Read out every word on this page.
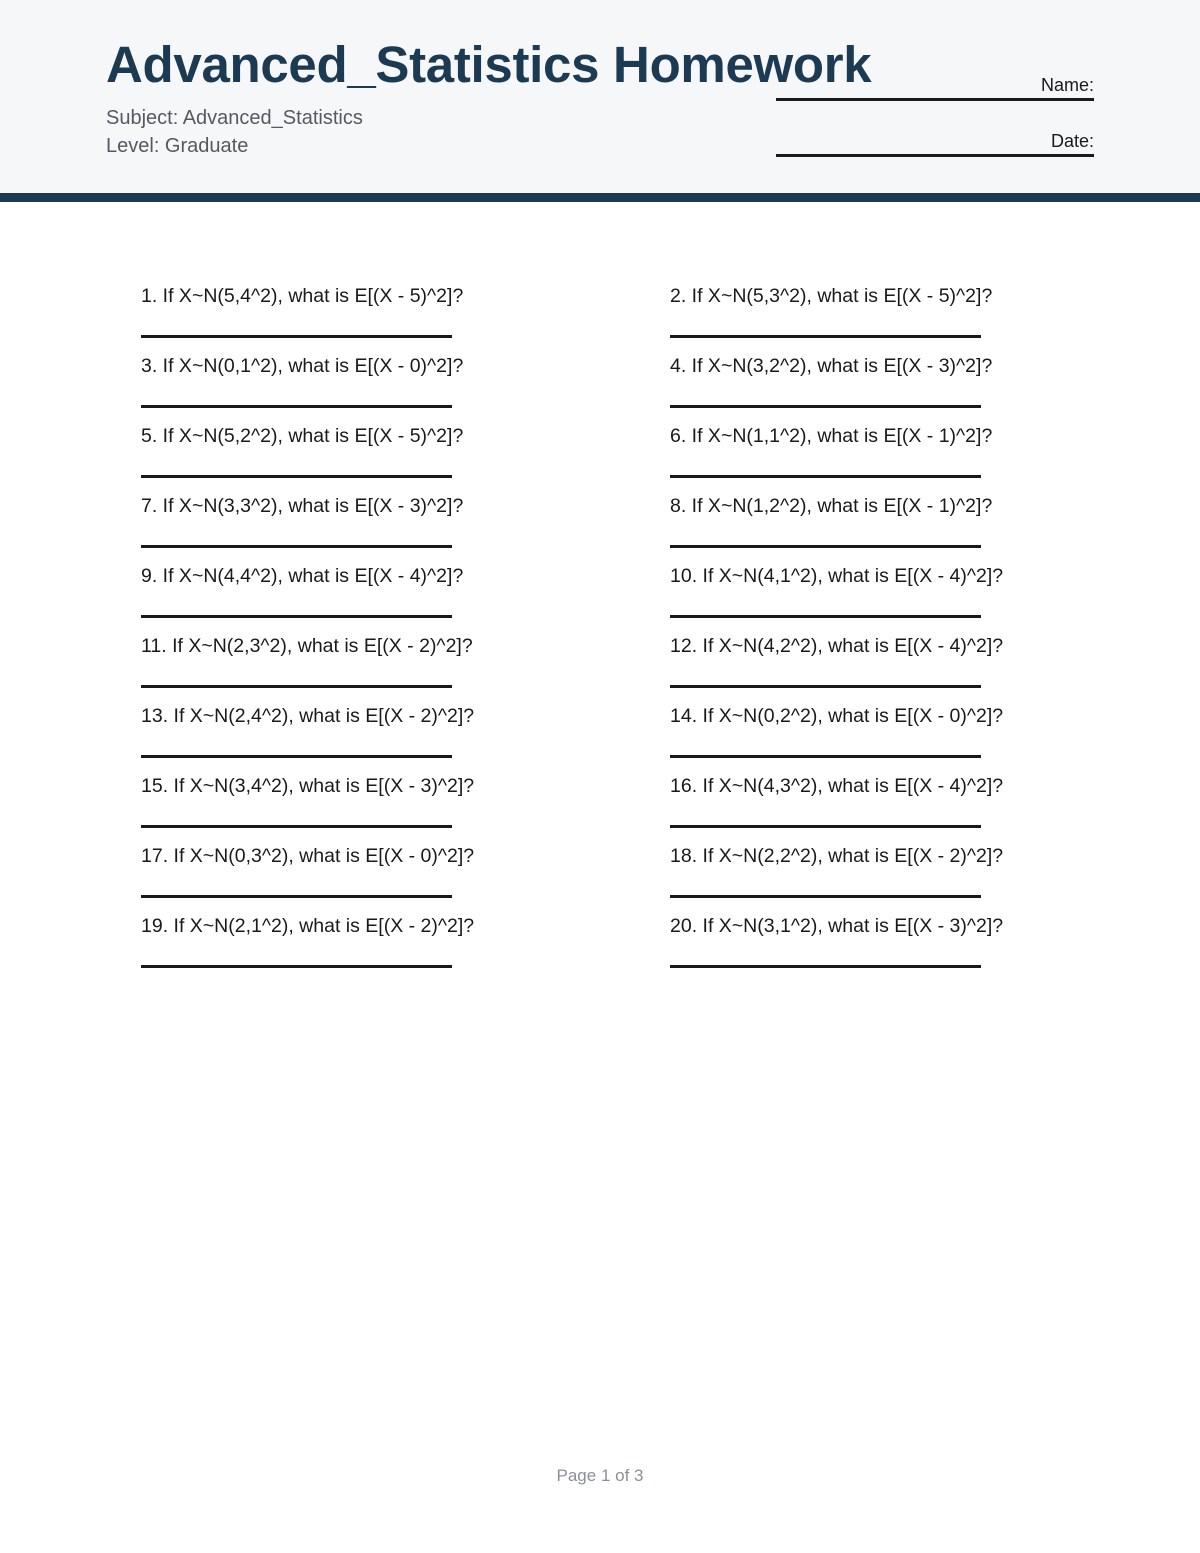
Advanced_Statistics Homework
Subject: Advanced_Statistics
Level: Graduate
Name:
Date:
1. If X~N(5,4^2), what is E[(X - 5)^2]?	2. If X~N(5,3^2), what is E[(X - 5)^2]?
3. If X~N(0,1^2), what is E[(X - 0)^2]?	4. If X~N(3,2^2), what is E[(X - 3)^2]?
5. If X~N(5,2^2), what is E[(X - 5)^2]?	6. If X~N(1,1^2), what is E[(X - 1)^2]?
7. If X~N(3,3^2), what is E[(X - 3)^2]?	8. If X~N(1,2^2), what is E[(X - 1)^2]?
9. If X~N(4,4^2), what is E[(X - 4)^2]?	10. If X~N(4,1^2), what is E[(X - 4)^2]?
11. If X~N(2,3^2), what is E[(X - 2)^2]?	12. If X~N(4,2^2), what is E[(X - 4)^2]?
13. If X~N(2,4^2), what is E[(X - 2)^2]?	14. If X~N(0,2^2), what is E[(X - 0)^2]?
15. If X~N(3,4^2), what is E[(X - 3)^2]?	16. If X~N(4,3^2), what is E[(X - 4)^2]?
17. If X~N(0,3^2), what is E[(X - 0)^2]?	18. If X~N(2,2^2), what is E[(X - 2)^2]?
19. If X~N(2,1^2), what is E[(X - 2)^2]?	20. If X~N(3,1^2), what is E[(X - 3)^2]?
Page 1 of 3
